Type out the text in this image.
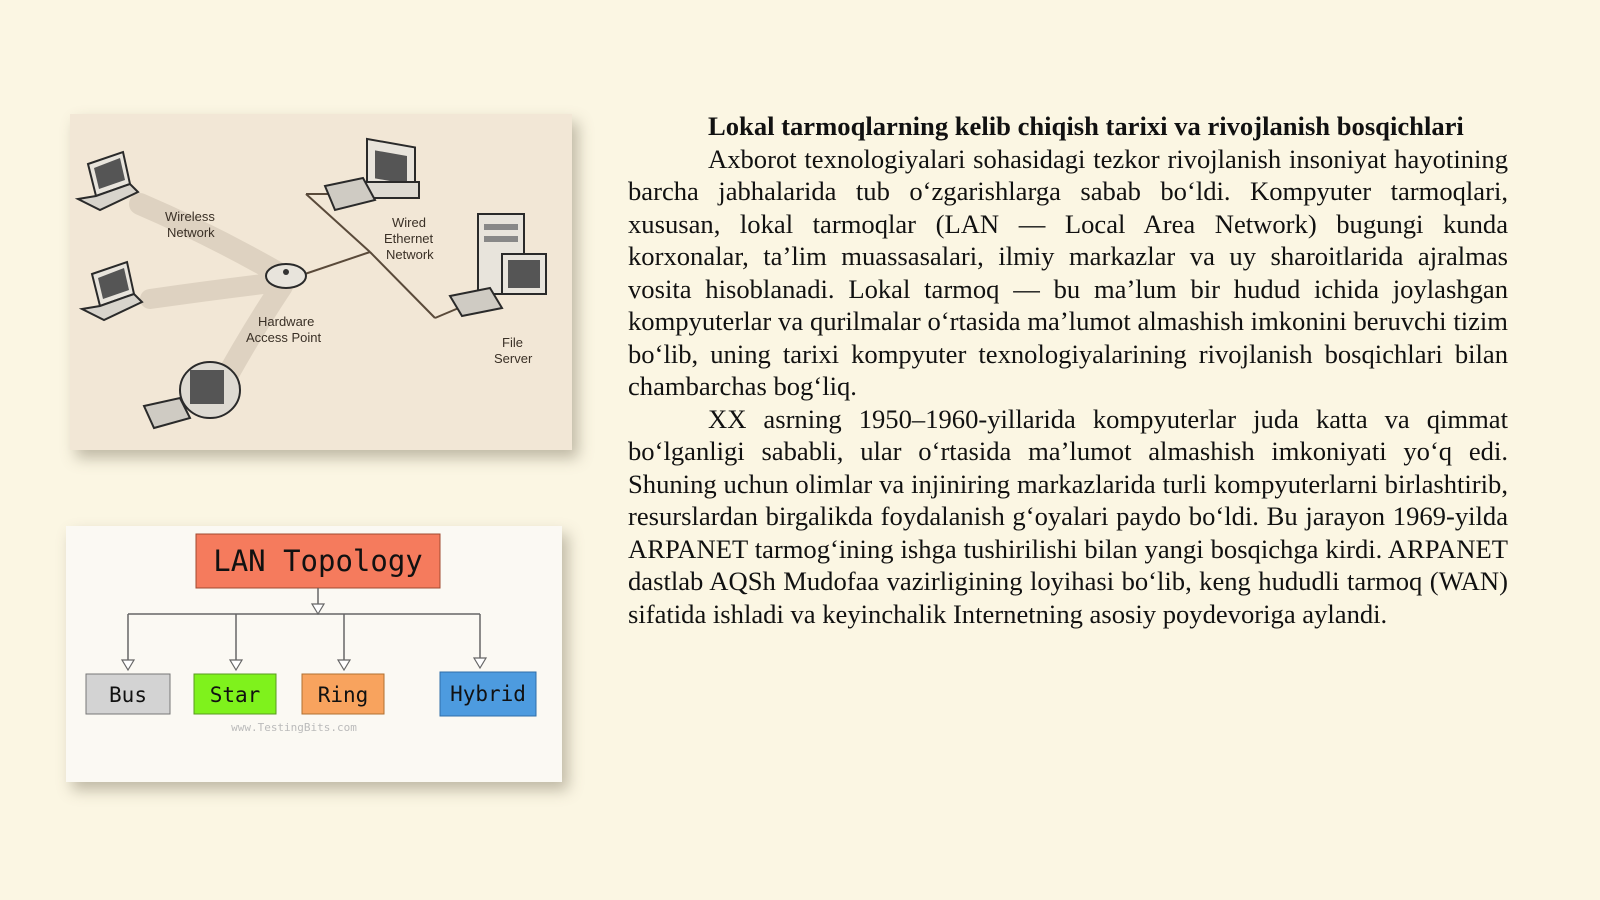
Wireless
Network
Wired
Ethernet
Network
Hardware
Access Point	File
Server
LAN Topology
Bus	Star	Ring	Hybrid
www.TestingBits.com

Lokal tarmoqlarning kelib chiqish tarixi va rivojlanish bosqichlari

Axborot texnologiyalari sohasidagi tezkor rivojlanish insoniyat hayotining barcha jabhalarida tub o‘zgarishlarga sabab bo‘ldi. Kompyuter tarmoqlari, xususan, lokal tarmoqlar (LAN — Local Area Network) bugungi kunda korxonalar, ta’lim muassasalari, ilmiy markazlar va uy sharoitlarida ajralmas vosita hisoblanadi. Lokal tarmoq — bu ma’lum bir hudud ichida joylashgan kompyuterlar va qurilmalar o‘rtasida ma’lumot almashish imkonini beruvchi tizim bo‘lib, uning tarixi kompyuter texnologiyalarining rivojlanish bosqichlari bilan chambarchas bog‘liq.

XX asrning 1950–1960-yillarida kompyuterlar juda katta va qimmat bo‘lganligi sababli, ular o‘rtasida ma’lumot almashish imkoniyati yo‘q edi. Shuning uchun olimlar va injiniring markazlarida turli kompyuterlarni birlashtirib, resurslardan birgalikda foydalanish g‘oyalari paydo bo‘ldi. Bu jarayon 1969-yilda ARPANET tarmog‘ining ishga tushirilishi bilan yangi bosqichga kirdi. ARPANET dastlab AQSh Mudofaa vazirligining loyihasi bo‘lib, keng hududli tarmoq (WAN) sifatida ishladi va keyinchalik Internetning asosiy poydevoriga aylandi.
